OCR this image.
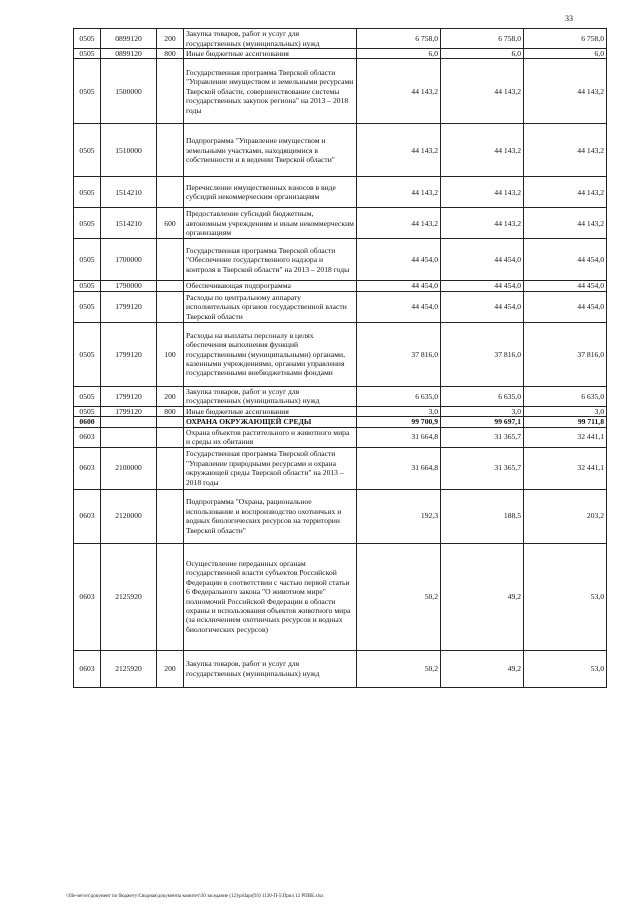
33
0505	0899120	200	Закупка товаров, работ и услуг для государственных (муниципальных) нужд	6 758,0	6 758,0	6 758,0
0505	0899120	800	Иные бюджетные ассигнования	6,0	6,0	6,0
0505	1500000		Государственная программа Тверской области "Управление имуществом и земельными ресурсами Тверской области, совершенствование системы государственных закупок региона" на 2013 – 2018 годы	44 143,2	44 143,2	44 143,2
0505	1510000		Подпрограмма "Управление имуществом и земельными участками, находящимися в собственности и в ведении Тверской области"	44 143,2	44 143,2	44 143,2
0505	1514210		Перечисление имущественных взносов в виде субсидий некоммерческим организациям	44 143,2	44 143,2	44 143,2
0505	1514210	600	Предоставление субсидий бюджетным, автономным учреждениям и иным некоммерческим организациям	44 143,2	44 143,2	44 143,2
0505	1700000		Государственная программа Тверской области "Обеспечение государственного надзора и контроля в Тверской области" на 2013 – 2018 годы	44 454,0	44 454,0	44 454,0
0505	1790000		Обеспечивающая подпрограмма	44 454,0	44 454,0	44 454,0
0505	1799120		Расходы по центральному аппарату исполнительных органов государственной власти Тверской области	44 454,0	44 454,0	44 454,0
0505	1799120	100	Расходы на выплаты персоналу в целях обеспечения выполнения функций государственными (муниципальными) органами, казенными учреждениями, органами управления государственными внебюджетными фондами	37 816,0	37 816,0	37 816,0
0505	1799120	200	Закупка товаров, работ и услуг для государственных (муниципальных) нужд	6 635,0	6 635,0	6 635,0
0505	1799120	800	Иные бюджетные ассигнования	3,0	3,0	3,0
0600			ОХРАНА ОКРУЖАЮЩЕЙ СРЕДЫ	99 700,9	99 697,1	99 711,8
0603			Охрана объектов растительного и животного мира и среды их обитания	31 664,8	31 365,7	32 441,1
0603	2100000		Государственная программа Тверской области "Управление природными ресурсами и охрана окружающей среды Тверской области" на 2013 – 2018 годы	31 664,8	31 365,7	32 441,1
0603	2120000		Подпрограмма "Охрана, рациональное использование и воспроизводство охотничьих и водных биологических ресурсов на территории Тверской области"	192,3	188,5	203,2
0603	2125920		Осуществление переданных органам государственной власти субъектов Российской Федерации в соответствии с частью первой статьи 6 Федерального закона "О животном мире" полномочий Российской Федерации в области охраны и использования объектов животного мира (за исключением охотничьих ресурсов и водных биологических ресурсов)	50,2	49,2	53,0
0603	2125920	200	Закупка товаров, работ и услуг для государственных (муниципальных) нужд	50,2	49,2	53,0
\\file-server\документ по бюджету\Сводная\документы комитет\30 заседание (12)\prilapr(93) 1130-П-5\Прил 12 РПВБ.xlsx
